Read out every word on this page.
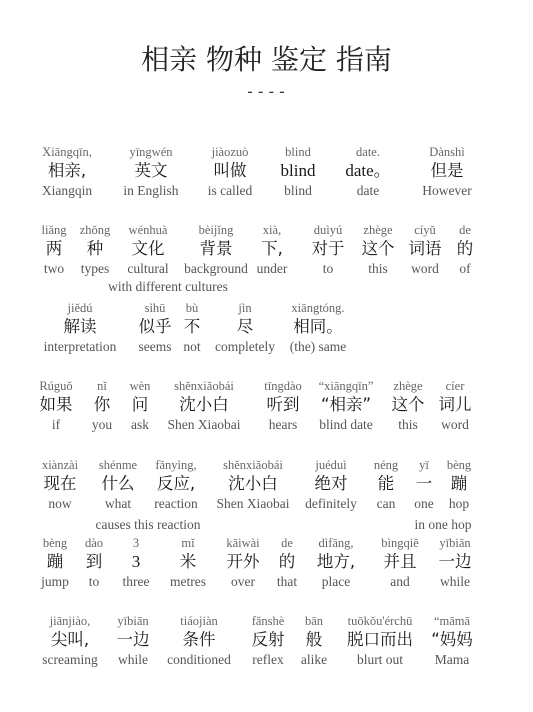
相亲 物种 鉴定 指南
----
Xiāngqīn,
相亲,
Xiangqin
yīngwén
英文
in English
jiàozuò
叫做
is called
blind
blind
blind
date.
date。
date
Dànshì
但是
However
liǎng
两
two
zhǒng
种
types
wénhuà
文化
cultural
bèijǐng
背景
background
xià,
下,
under
duìyú
对于
to
zhège
这个
this
cíyǔ
词语
word
de
的
of
with different cultures
jiědú
解读
interpretation
sìhū
似乎
seems
bù
不
not
jìn
尽
completely
xiāngtóng.
相同。
(the) same
Rúguǒ
如果
if
nǐ
你
you
wèn
问
ask
shěnxiǎobái
沈小白
Shen Xiaobai
tīngdào
听到
hears
“xiāngqīn”
“相亲”
blind date
zhège
这个
this
cíer
词儿
word
xiànzài
现在
now
shénme
什么
what
fǎnyìng,
反应,
reaction
shěnxiǎobái
沈小白
Shen Xiaobai
juéduì
绝对
definitely
néng
能
can
yī
一
one
bèng
蹦
hop
causes this reaction	in one hop
bèng
蹦
jump
dào
到
to
3
3
three
mǐ
米
metres
kāiwài
开外
over
de
的
that
dìfāng,
地方,
place
bìngqiě
并且
and
yībiān
一边
while
jiānjiào,
尖叫,
screaming
yībiān
一边
while
tiáojiàn
条件
conditioned
fǎnshè
反射
reflex
bān
般
alike
tuōkǒu'érchū
脱口而出
blurt out
“māmā
“妈妈
Mama
